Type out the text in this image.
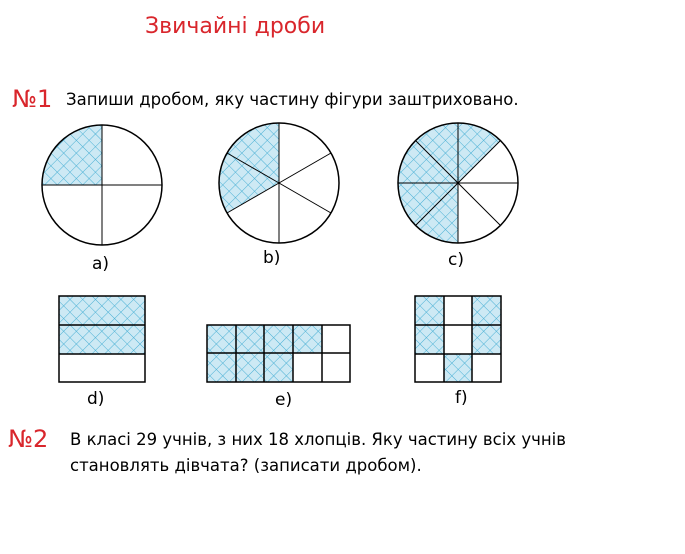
Звичайні дроби
№1 Запиши дробом, яку частину фігури заштриховано.
a)	b)	c)
d)	e)	f)
№2 В класі 29 учнів, з них 18 хлопців. Яку частину всіх учнів
становлять дівчата? (записати дробом).
